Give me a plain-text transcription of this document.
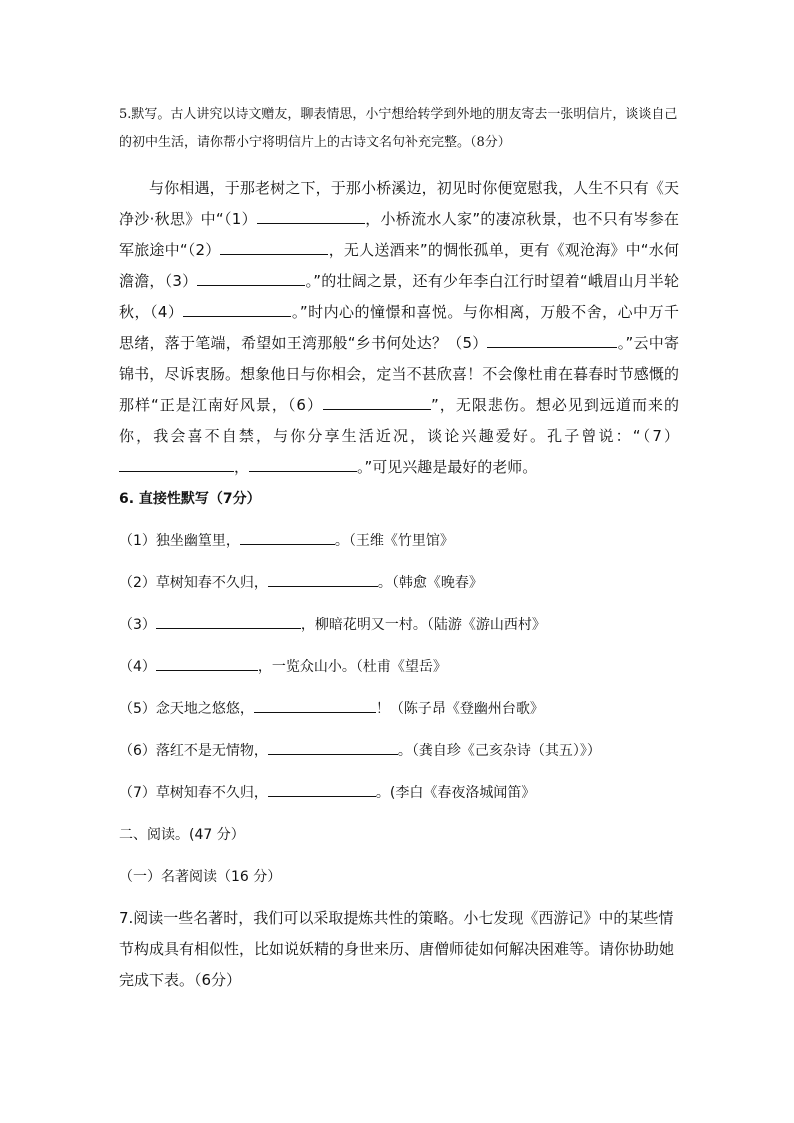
5.默写。古人讲究以诗文赠友，聊表情思，小宁想给转学到外地的朋友寄去一张明信片，谈谈自己的初中生活，请你帮小宁将明信片上的古诗文名句补充完整。（8分）

与你相遇，于那老树之下，于那小桥溪边，初见时你便宽慰我，人生不只有《天净沙·秋思》中“（1）	，小桥流水人家”的凄凉秋景，也不只有岑参在军旅途中“（2）	，无人送酒来”的惆怅孤单，更有《观沧海》中“水何澹澹，（3）	。”的壮阔之景，还有少年李白江行时望着“峨眉山月半轮秋，（4）	。”时内心的憧憬和喜悦。与你相离，万般不舍，心中万千思绪，落于笔端，希望如王湾那般“乡书何处达？（5）	。”云中寄锦书，尽诉衷肠。想象他日与你相会，定当不甚欣喜！不会像杜甫在暮春时节感慨的那样“正是江南好风景，（6）	”，无限悲伤。想必见到远道而来的你，我会喜不自禁，与你分享生活近况，谈论兴趣爱好。孔子曾说：“（7），	。”可见兴趣是最好的老师。

6. 直接性默写（7分）
（1）独坐幽篁里，	。（王维《竹里馆》
（2）草树知春不久归，	。（韩愈《晚春》
（3）	，柳暗花明又一村。（陆游《游山西村》
（4）	，一览众山小。（杜甫《望岳》
（5）念天地之悠悠，	！（陈子昂《登幽州台歌》
（6）落红不是无情物，	。（龚自珍《己亥杂诗（其五）》）
（7）草树知春不久归，	。(李白《春夜洛城闻笛》
二、阅读。(47 分）
（一）名著阅读（16 分）

7.阅读一些名著时，我们可以采取提炼共性的策略。小七发现《西游记》中的某些情节构成具有相似性，比如说妖精的身世来历、唐僧师徒如何解决困难等。请你协助她完成下表。（6分）
